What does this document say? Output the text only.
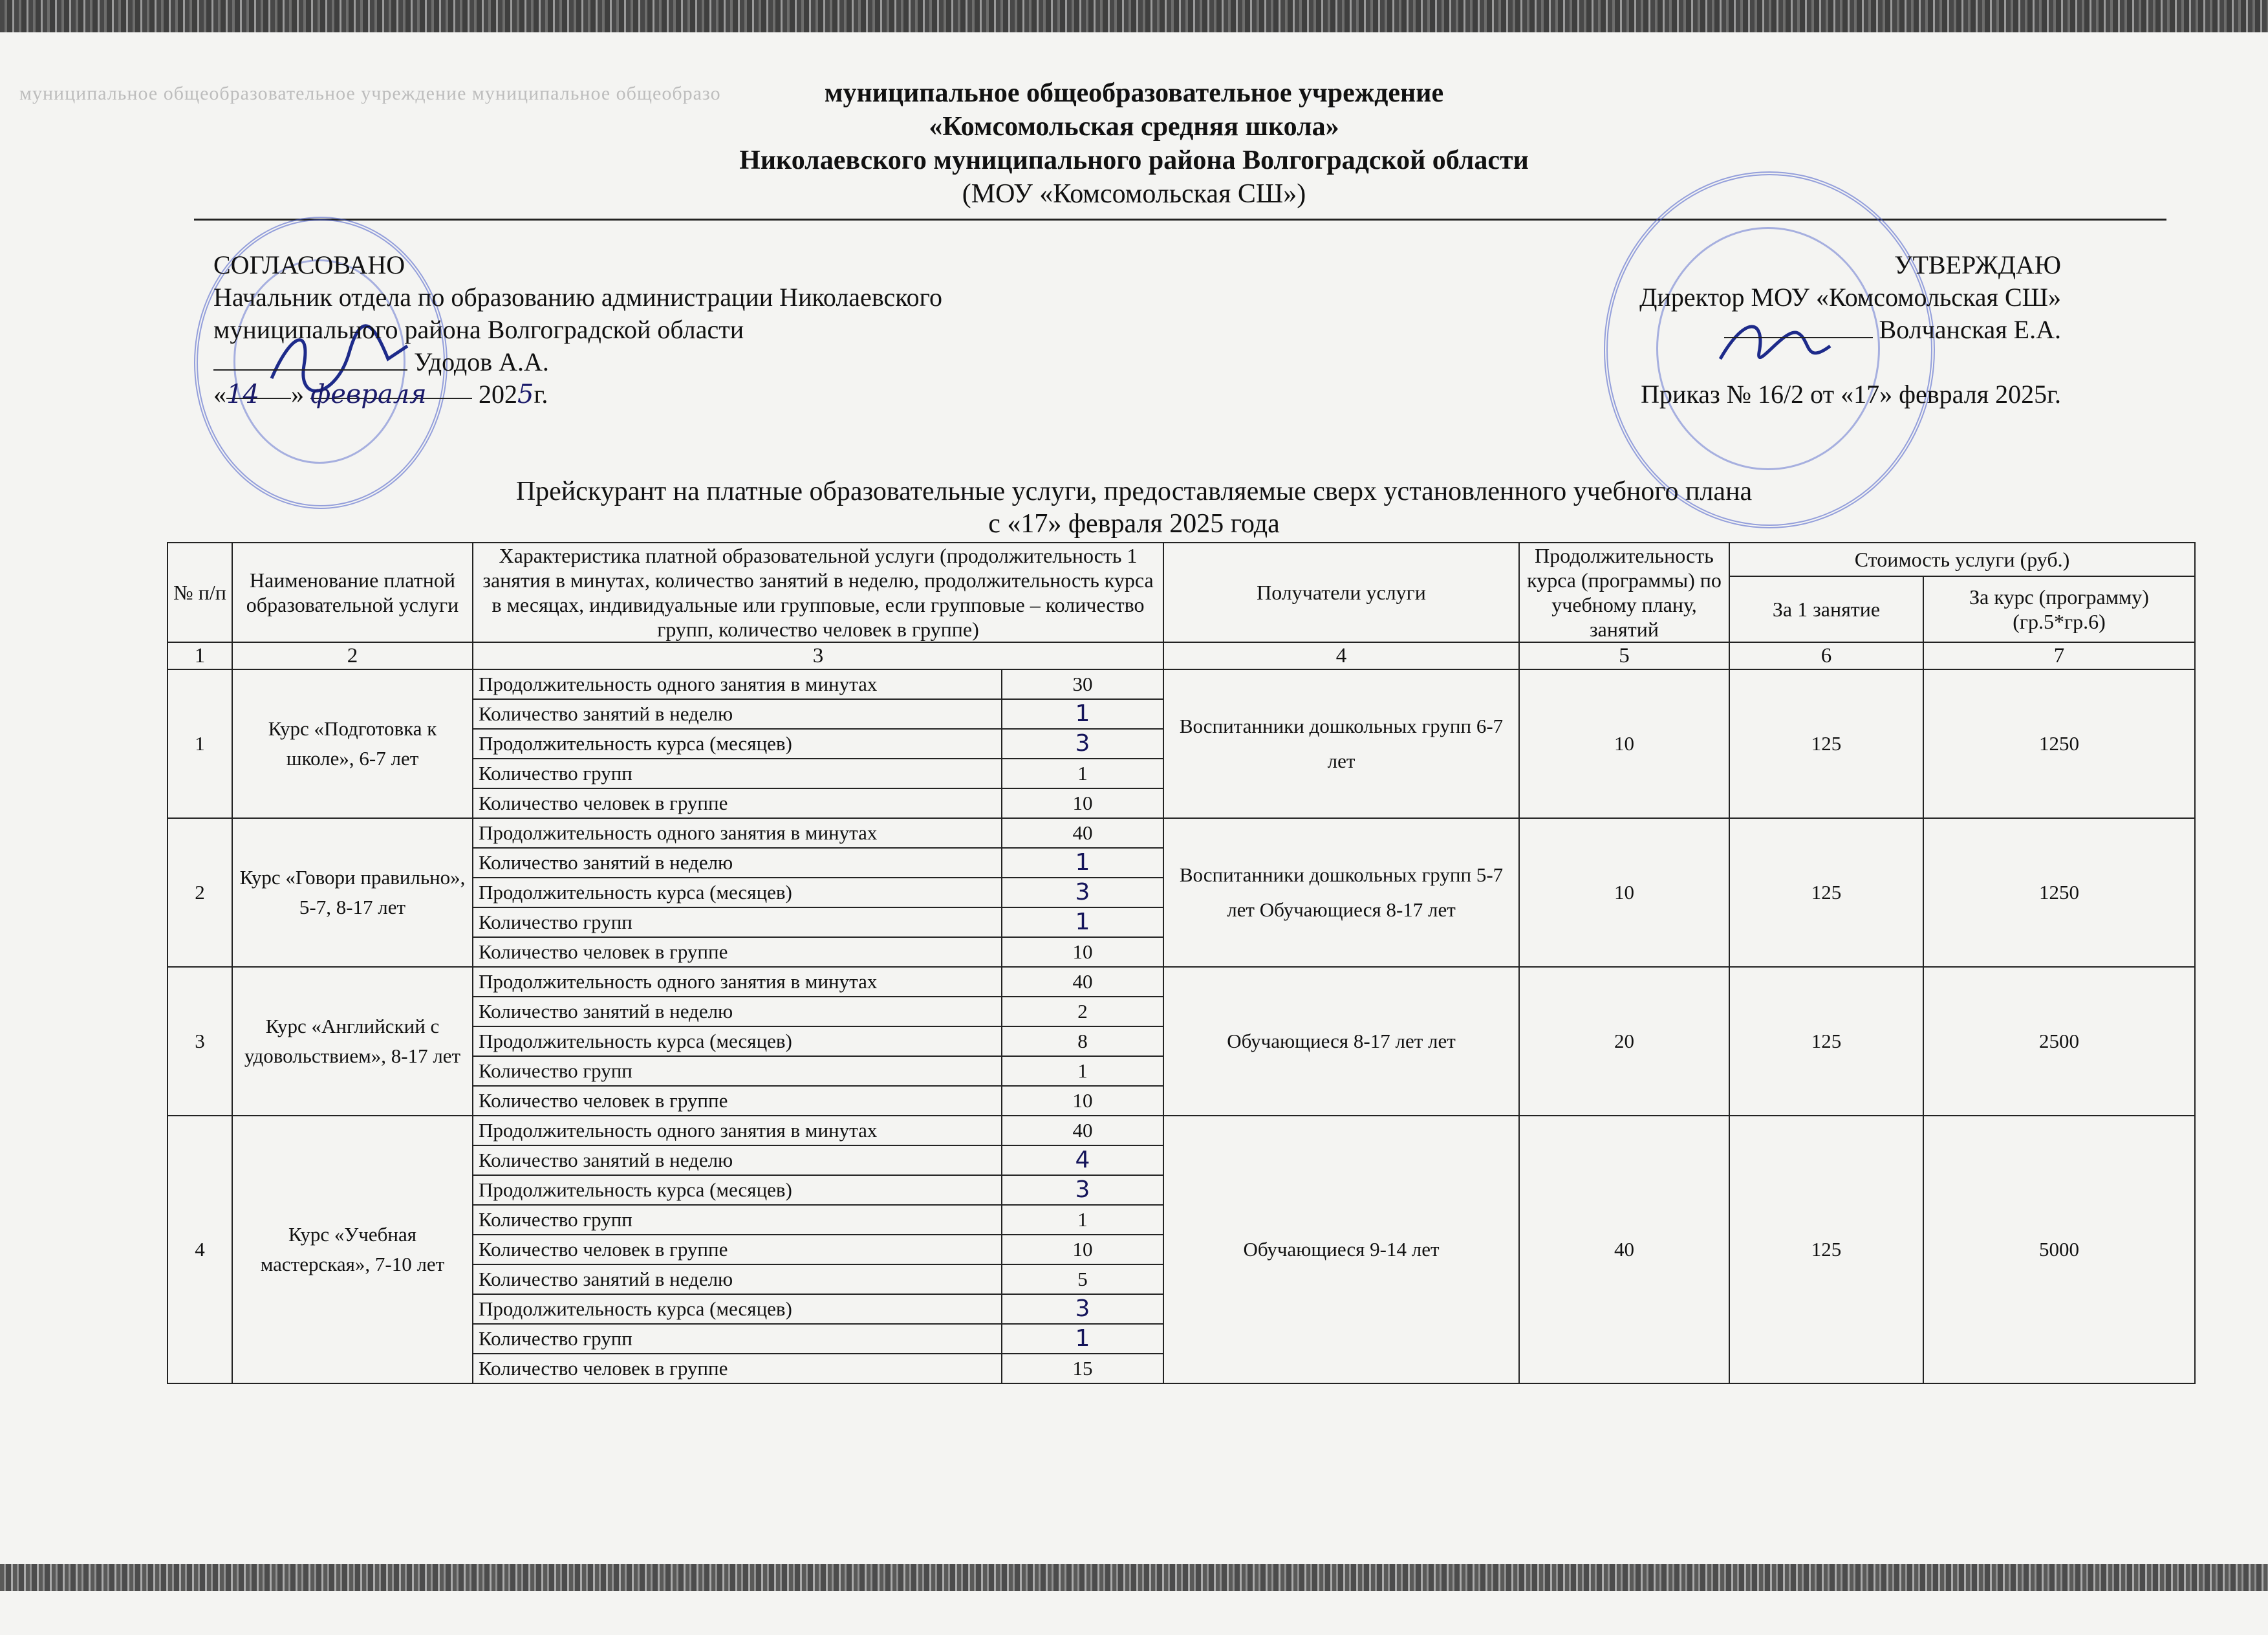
муниципальное общеобразовательное учреждение муниципальное общеобразо	муниципальное общеобразовательное учреждение
«Комсомольская средняя школа»
Николаевского муниципального района Волгоградской области
(МОУ «Комсомольская СШ»)
СОГЛАСОВАНО
Начальник отдела по образованию администрации Николаевского
муниципального района Волгоградской области
Удодов А.А.
«14 » февраля 2025г.
УТВЕРЖДАЮ
Директор МОУ «Комсомольская СШ»
Волчанская Е.А.
Приказ № 16/2 от «17» февраля 2025г.
Прейскурант на платные образовательные услуги, предоставляемые сверх установленного учебного плана
с «17» февраля 2025 года
№ п/п	Наименование платной образовательной услуги	Характеристика платной образовательной услуги (продолжительность 1 занятия в минутах, количество занятий в неделю, продолжительность курса в месяцах, индивидуальные или групповые, если групповые – количество групп, количество человек в группе)		Получатели услуги	Продолжительность курса (программы) по учебному плану, занятий	Стоимость услуги (руб.)	
						За 1 занятие	За курс (программу) (гр.5*гр.6)
1	2	3		4	5	6	7
1	Курс «Подготовка к школе», 6-7 лет	Продолжительность одного занятия в минутах	30	Воспитанники дошкольных групп 6-7 лет	10	125	1250
		Количество занятий в неделю	1				
		Продолжительность курса (месяцев)	3				
		Количество групп	1				
		Количество человек в группе	10				
2	Курс «Говори правильно», 5-7, 8-17 лет	Продолжительность одного занятия в минутах	40	Воспитанники дошкольных групп 5-7 лет Обучающиеся 8-17 лет	10	125	1250
		Количество занятий в неделю	1				
		Продолжительность курса (месяцев)	3				
		Количество групп	1				
		Количество человек в группе	10				
3	Курс «Английский с удовольствием», 8-17 лет	Продолжительность одного занятия в минутах	40	Обучающиеся 8-17 лет лет	20	125	2500
		Количество занятий в неделю	2				
		Продолжительность курса (месяцев)	8				
		Количество групп	1				
		Количество человек в группе	10				
4	Курс «Учебная мастерская», 7-10 лет	Продолжительность одного занятия в минутах	40	Обучающиеся 9-14 лет	40	125	5000
		Количество занятий в неделю	4				
		Продолжительность курса (месяцев)	3				
		Количество групп	1				
		Количество человек в группе	10				
		Количество занятий в неделю	5				
		Продолжительность курса (месяцев)	3				
		Количество групп	1				
		Количество человек в группе	15				
